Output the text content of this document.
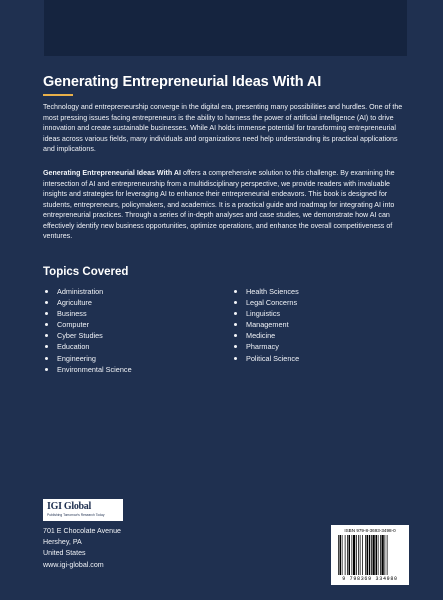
Generating Entrepreneurial Ideas With AI

Technology and entrepreneurship converge in the digital era, presenting many possibilities and hurdles. One of the most pressing issues facing entrepreneurs is the ability to harness the power of artificial intelligence (AI) to drive innovation and create sustainable businesses. While AI holds immense potential for transforming entrepreneurial ideas across various fields, many individuals and organizations need help understanding its practical applications and implications.

Generating Entrepreneurial Ideas With AI offers a comprehensive solution to this challenge. By examining the intersection of AI and entrepreneurship from a multidisciplinary perspective, we provide readers with invaluable insights and strategies for leveraging AI to enhance their entrepreneurial endeavors. This book is designed for students, entrepreneurs, policymakers, and academics. It is a practical guide and roadmap for integrating AI into entrepreneurial practices. Through a series of in-depth analyses and case studies, we demonstrate how AI can effectively identify new business opportunities, optimize operations, and enhance the overall competitiveness of ventures.

Topics Covered
Administration
Agriculture
Business
Computer
Cyber Studies
Education
Engineering
Environmental Science
Health Sciences
Legal Concerns
Linguistics
Management
Medicine
Pharmacy
Political Science
IGI Global
Publishing Tomorrow's Research Today
701 E Chocolate Avenue
Hershey, PA
United States
www.igi-global.com
ISBN 979-8-3693-3498-0
9 798369 334980
